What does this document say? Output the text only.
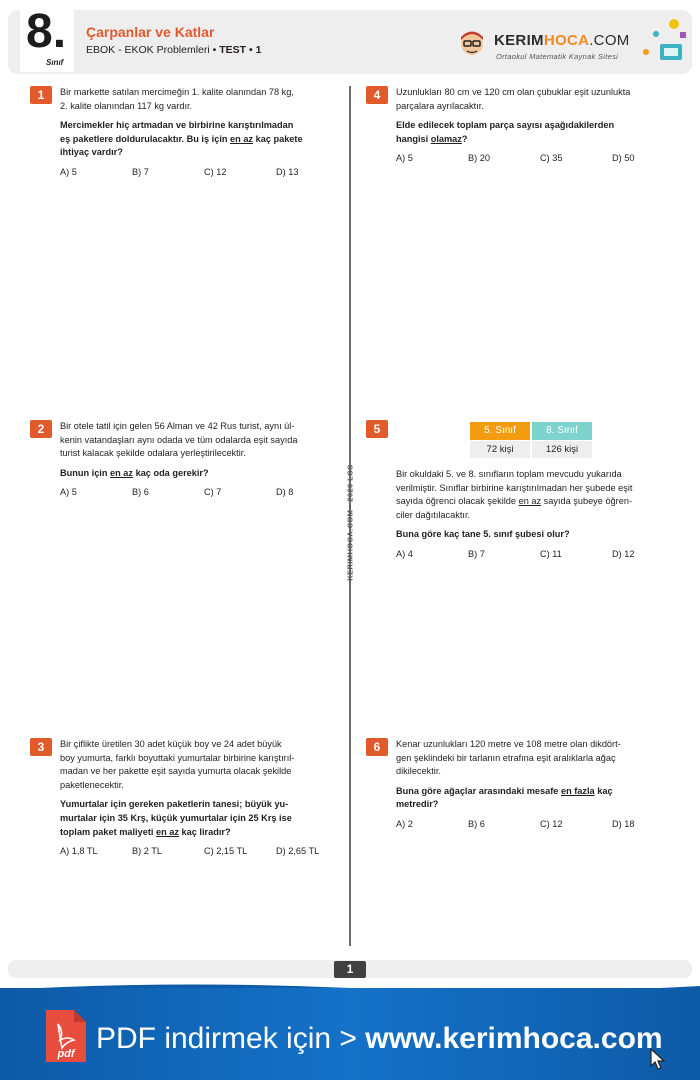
8.
Sınıf
Çarpanlar ve Katlar
EBOK - EKOK Problemleri • TEST • 1
KERIMHOCA.COM
Ortaokul Matematik Kaynak Sitesi
KERIMHOCA.COM • 2020 LGS
1	Bir markette satılan mercimeğin 1. kalite olanından 78 kg,
2. kalite olanından 117 kg vardır.

Mercimekler hiç artmadan ve birbirine karıştırılmadan
eş paketlere doldurulacaktır. Bu iş için en az kaç pakete
ihtiyaç vardır?

A) 5	B) 7	C) 12	D) 13
2	Bir otele tatil için gelen 56 Alman ve 42 Rus turist, aynı ül-
kenin vatandaşları aynı odada ve tüm odalarda eşit sayıda
turist kalacak şekilde odalara yerleştirilecektir.

Bunun için en az kaç oda gerekir?

A) 5	B) 6	C) 7	D) 8
3	Bir çiflikte üretilen 30 adet küçük boy ve 24 adet büyük
boy yumurta, farklı boyuttaki yumurtalar birbirine karıştırıl-
madan ve her pakette eşit sayıda yumurta olacak şekilde
paketlenecektir.

Yumurtalar için gereken paketlerin tanesi; büyük yu-
murtalar için 35 Krş, küçük yumurtalar için 25 Krş ise
toplam paket maliyeti en az kaç liradır?

A) 1,8 TL	B) 2 TL	C) 2,15 TL	D) 2,65 TL
4	Uzunlukları 80 cm ve 120 cm olan çubuklar eşit uzunlukta
parçalara ayrılacaktır.

Elde edilecek toplam parça sayısı aşağıdakilerden
hangisi olamaz?

A) 5	B) 20	C) 35	D) 50
5	5. Sınıf	8. Sınıf
72 kişi	126 kişi

Bir okuldaki 5. ve 8. sınıfların toplam mevcudu yukarıda
verilmiştir. Sınıflar birbirine karıştırılmadan her şubede eşit
sayıda öğrenci olacak şekilde en az sayıda şubeye öğren-
ciler dağıtılacaktır.

Buna göre kaç tane 5. sınıf şubesi olur?

A) 4	B) 7	C) 11	D) 12
6	Kenar uzunlukları 120 metre ve 108 metre olan dikdört-
gen şeklindeki bir tarlanın etrafına eşit aralıklarla ağaç
dikilecektir.

Buna göre ağaçlar arasındaki mesafe en fazla kaç
metredir?

A) 2	B) 6	C) 12	D) 18
1
pdf PDF indirmek için > www.kerimhoca.com
